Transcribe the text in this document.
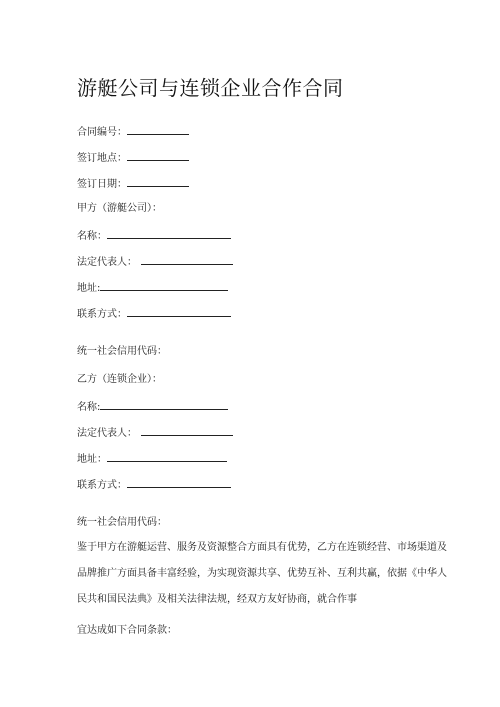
游艇公司与连锁企业合作合同
合同编号：
签订地点：
签订日期：
甲方（游艇公司）：
名称：
法定代表人：
地址:
联系方式：
统一社会信用代码：
乙方（连锁企业）：
名称:
法定代表人：
地址：
联系方式：
统一社会信用代码：
鉴于甲方在游艇运营、服务及资源整合方面具有优势，乙方在连锁经营、市场渠道及
品牌推广方面具备丰富经验，为实现资源共享、优势互补、互利共赢，依据《中华人
民共和国民法典》及相关法律法规，经双方友好协商，就合作事
宜达成如下合同条款：
